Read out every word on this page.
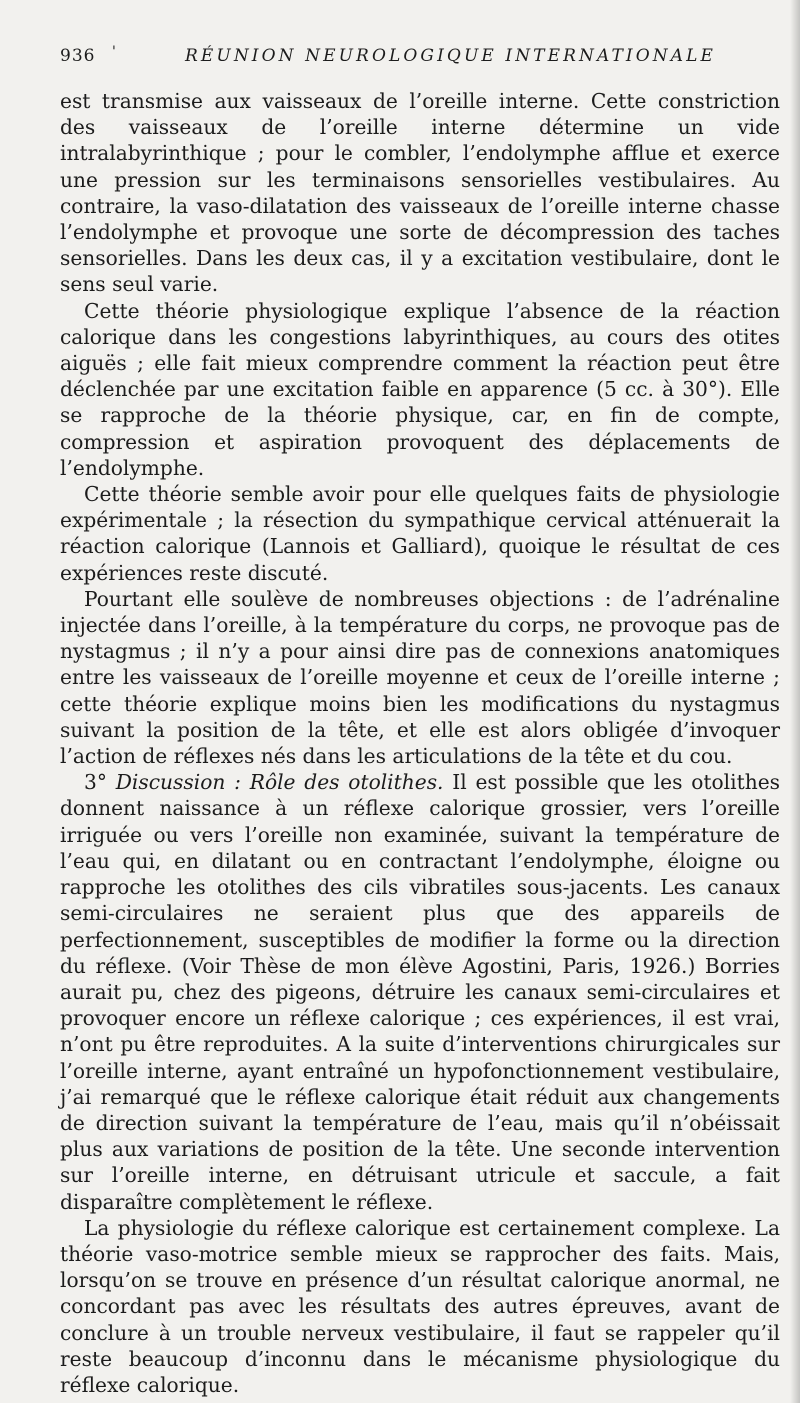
936 '	RÉUNION NEUROLOGIQUE INTERNATIONALE

est transmise aux vaisseaux de l’oreille interne. Cette constriction des vaisseaux de l’oreille interne détermine un vide intralabyrinthique ; pour le combler, l’endolymphe afflue et exerce une pression sur les terminaisons sensorielles vestibulaires. Au contraire, la vaso-dilatation des vaisseaux de l’oreille interne chasse l’endolymphe et provoque une sorte de décompression des taches sensorielles. Dans les deux cas, il y a excitation vestibulaire, dont le sens seul varie.

Cette théorie physiologique explique l’absence de la réaction calorique dans les congestions labyrinthiques, au cours des otites aiguës ; elle fait mieux comprendre comment la réaction peut être déclenchée par une excitation faible en apparence (5 cc. à 30°). Elle se rapproche de la théorie physique, car, en fin de compte, compression et aspiration provoquent des déplacements de l’endolymphe.

Cette théorie semble avoir pour elle quelques faits de physiologie expérimentale ; la résection du sympathique cervical atténuerait la réaction calorique (Lannois et Galliard), quoique le résultat de ces expériences reste discuté.

Pourtant elle soulève de nombreuses objections : de l’adrénaline injectée dans l’oreille, à la température du corps, ne provoque pas de nystagmus ; il n’y a pour ainsi dire pas de connexions anatomiques entre les vaisseaux de l’oreille moyenne et ceux de l’oreille interne ; cette théorie explique moins bien les modifications du nystagmus suivant la position de la tête, et elle est alors obligée d’invoquer l’action de réflexes nés dans les articulations de la tête et du cou.

3° Discussion : Rôle des otolithes. Il est possible que les otolithes donnent naissance à un réflexe calorique grossier, vers l’oreille irriguée ou vers l’oreille non examinée, suivant la température de l’eau qui, en dilatant ou en contractant l’endolymphe, éloigne ou rapproche les otolithes des cils vibratiles sous-jacents. Les canaux semi-circulaires ne seraient plus que des appareils de perfectionnement, susceptibles de modifier la forme ou la direction du réflexe. (Voir Thèse de mon élève Agostini, Paris, 1926.) Borries aurait pu, chez des pigeons, détruire les canaux semi-circulaires et provoquer encore un réflexe calorique ; ces expériences, il est vrai, n’ont pu être reproduites. A la suite d’interventions chirurgicales sur l’oreille interne, ayant entraîné un hypofonctionnement vestibulaire, j’ai remarqué que le réflexe calorique était réduit aux changements de direction suivant la température de l’eau, mais qu’il n’obéissait plus aux variations de position de la tête. Une seconde intervention sur l’oreille interne, en détruisant utricule et saccule, a fait disparaître complètement le réflexe.

La physiologie du réflexe calorique est certainement complexe. La théorie vaso-motrice semble mieux se rapprocher des faits. Mais, lorsqu’on se trouve en présence d’un résultat calorique anormal, ne concordant pas avec les résultats des autres épreuves, avant de conclure à un trouble nerveux vestibulaire, il faut se rappeler qu’il reste beaucoup d’inconnu dans le mécanisme physiologique du réflexe calorique.
